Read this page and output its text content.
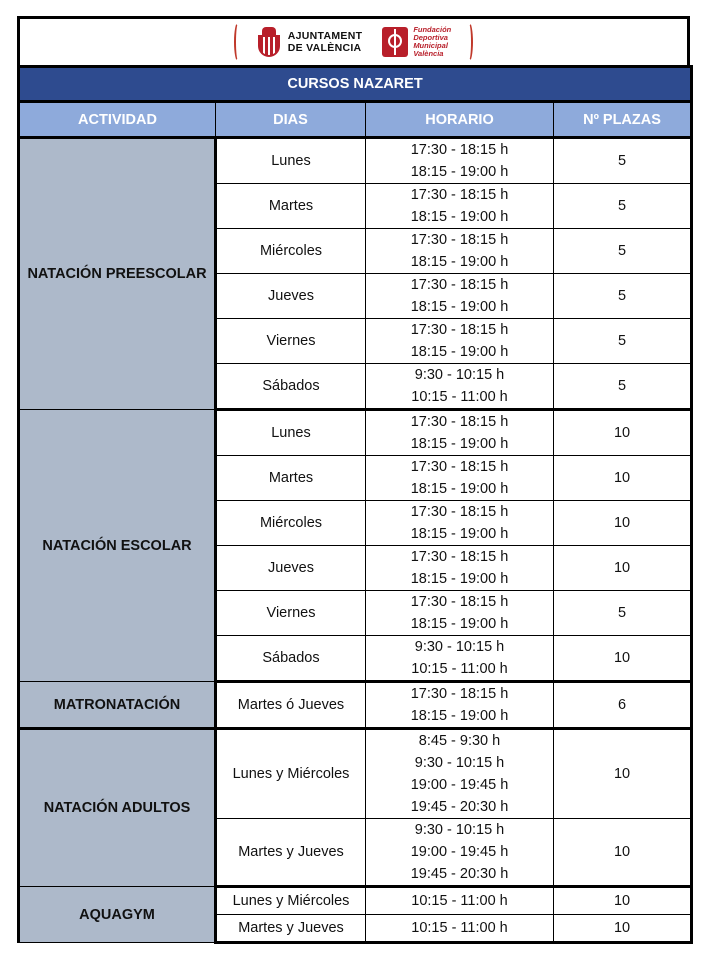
AJUNTAMENT
DE VALÈNCIA
Fundación
Deportiva
Municipal
València
CURSOS NAZARET			
ACTIVIDAD	DIAS	HORARIO	Nº PLAZAS
NATACIÓN PREESCOLAR	Lunes	17:30 - 18:15 h
18:15 - 19:00 h	5
	Martes	17:30 - 18:15 h
18:15 - 19:00 h	5
	Miércoles	17:30 - 18:15 h
18:15 - 19:00 h	5
	Jueves	17:30 - 18:15 h
18:15 - 19:00 h	5
	Viernes	17:30 - 18:15 h
18:15 - 19:00 h	5
	Sábados	9:30 - 10:15 h
10:15 - 11:00 h	5
NATACIÓN ESCOLAR	Lunes	17:30 - 18:15 h
18:15 - 19:00 h	10
	Martes	17:30 - 18:15 h
18:15 - 19:00 h	10
	Miércoles	17:30 - 18:15 h
18:15 - 19:00 h	10
	Jueves	17:30 - 18:15 h
18:15 - 19:00 h	10
	Viernes	17:30 - 18:15 h
18:15 - 19:00 h	5
	Sábados	9:30 - 10:15 h
10:15 - 11:00 h	10
MATRONATACIÓN	Martes ó Jueves	17:30 - 18:15 h
18:15 - 19:00 h	6
NATACIÓN ADULTOS	Lunes y Miércoles	8:45 - 9:30 h
9:30 - 10:15 h
19:00 - 19:45 h
19:45 - 20:30 h	10
	Martes y Jueves	9:30 - 10:15 h
19:00 - 19:45 h
19:45 - 20:30 h	10
AQUAGYM	Lunes y Miércoles	10:15 - 11:00 h	10
	Martes y Jueves	10:15 - 11:00 h	10
